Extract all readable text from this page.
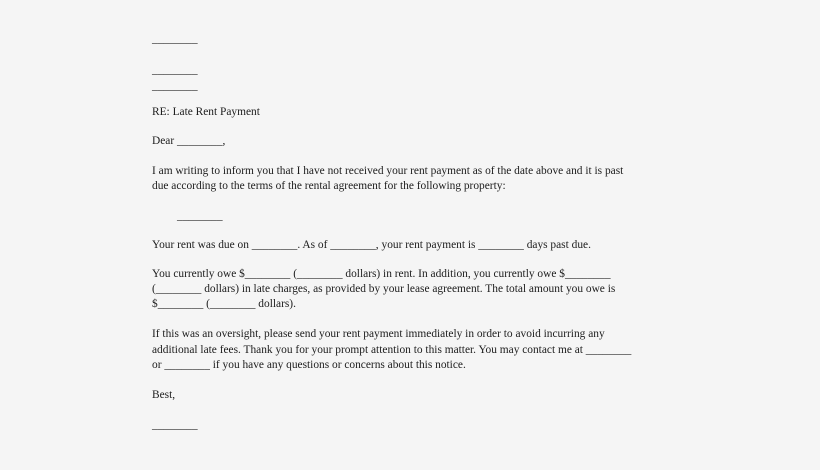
________
________
________
RE: Late Rent Payment
Dear ________,
I am writing to inform you that I have not received your rent payment as of the date above and it is past
due according to the terms of the rental agreement for the following property:
________
Your rent was due on ________. As of ________, your rent payment is ________ days past due.
You currently owe $________ (________ dollars) in rent. In addition, you currently owe $________
(________ dollars) in late charges, as provided by your lease agreement. The total amount you owe is
$________ (________ dollars).
If this was an oversight, please send your rent payment immediately in order to avoid incurring any
additional late fees. Thank you for your prompt attention to this matter. You may contact me at ________
or ________ if you have any questions or concerns about this notice.
Best,
________
